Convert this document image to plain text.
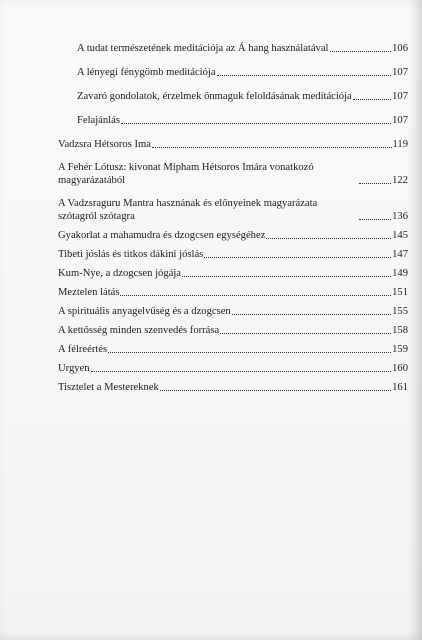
A tudat természetének meditációja az Á hang használatával	106
A lényegi fénygömb meditációja	107
Zavaró gondolatok, érzelmek önmaguk feloldásának meditációja	107
Felajánlás	107
Vadzsra Hétsoros Ima	119
A Fehér Lótusz: kivonat Mipham Hétsoros Imára vonatkozó magyarázatából	122
A Vadzsraguru Mantra hasznának és előnyeinek magyarázata szótagról szótagra	136
Gyakorlat a mahamudra és dzogcsen egységéhez	145
Tibeti jóslás és titkos dákini jóslás	147
Kum-Nye, a dzogcsen jógája	149
Meztelen látás	151
A spirituális anyagelvűség és a dzogcsen	155
A kettősség minden szenvedés forrása	158
A félreértés	159
Urgyen	160
Tisztelet a Mestereknek	161
